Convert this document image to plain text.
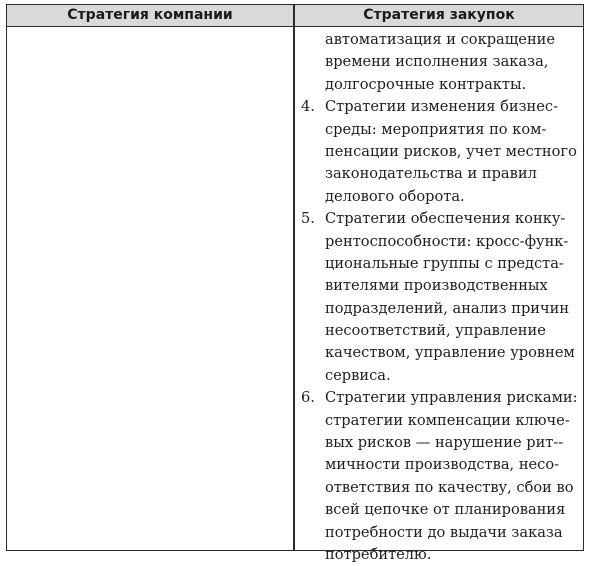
Стратегия компании	Стратегия закупок
автоматизация и сокращение
времени исполнения заказа,
долгосрочные контракты.
4. Стратегии изменения бизнес-
среды: мероприятия по ком-
пенсации рисков, учет местного
законодательства и правил
делового оборота.
5. Стратегии обеспечения конку-
рентоспособности: кросс-функ-
циональные группы с предста-
вителями производственных
подразделений, анализ причин
несоответствий, управление
качеством, управление уровнем
сервиса.
6. Стратегии управления рисками:
стратегии компенсации ключе-
вых рисков — нарушение рит--
мичности производства, несо-
ответствия по качеству, сбои во
всей цепочке от планирования
потребности до выдачи заказа
потребителю.
